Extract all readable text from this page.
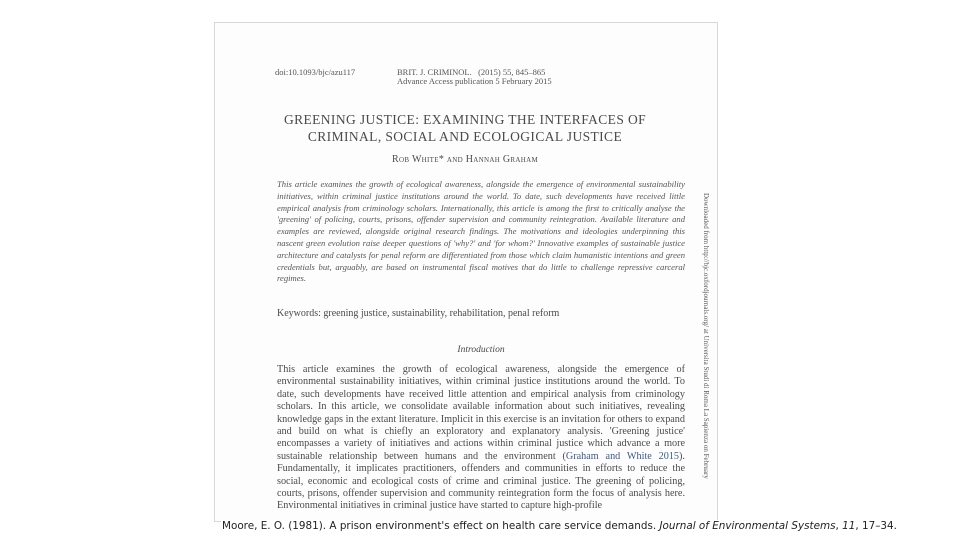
doi:10.1093/bjc/azu117	BRIT. J. CRIMINOL.   (2015) 55, 845–865
Advance Access publication 5 February 2015
GREENING JUSTICE: EXAMINING THE INTERFACES OF
CRIMINAL, SOCIAL AND ECOLOGICAL JUSTICE
Rob White* and Hannah Graham
This article examines the growth of ecological awareness, alongside the emergence of environmental sustainability initiatives, within criminal justice institutions around the world. To date, such developments have received little empirical analysis from criminology scholars. Internationally, this article is among the first to critically analyse the 'greening' of policing, courts, prisons, offender supervision and community reintegration. Available literature and examples are reviewed, alongside original research findings. The motivations and ideologies underpinning this nascent green evolution raise deeper questions of 'why?' and 'for whom?' Innovative examples of sustainable justice architecture and catalysts for penal reform are differentiated from those which claim humanistic intentions and green credentials but, arguably, are based on instrumental fiscal motives that do little to challenge repressive carceral regimes.
Keywords: greening justice, sustainability, rehabilitation, penal reform
Introduction
This article examines the growth of ecological awareness, alongside the emergence of environmental sustainability initiatives, within criminal justice institutions around the world. To date, such developments have received little attention and empirical analysis from criminology scholars. In this article, we consolidate available information about such initiatives, revealing knowledge gaps in the extant literature. Implicit in this exercise is an invitation for others to expand and build on what is chiefly an exploratory and explanatory analysis. 'Greening justice' encompasses a variety of initiatives and actions within criminal justice which advance a more sustainable relationship between humans and the environment (Graham and White 2015). Fundamentally, it implicates practitioners, offenders and communities in efforts to reduce the social, economic and ecological costs of crime and criminal justice. The greening of policing, courts, prisons, offender supervision and community reintegration form the focus of analysis here. Environmental initiatives in criminal justice have started to capture high-profile
Downloaded from http://bjc.oxfordjournals.org/ at Universita Studi di Roma La Sapienza on February
Moore, E. O. (1981). A prison environment's effect on health care service demands. Journal of Environmental Systems, 11, 17–34.
